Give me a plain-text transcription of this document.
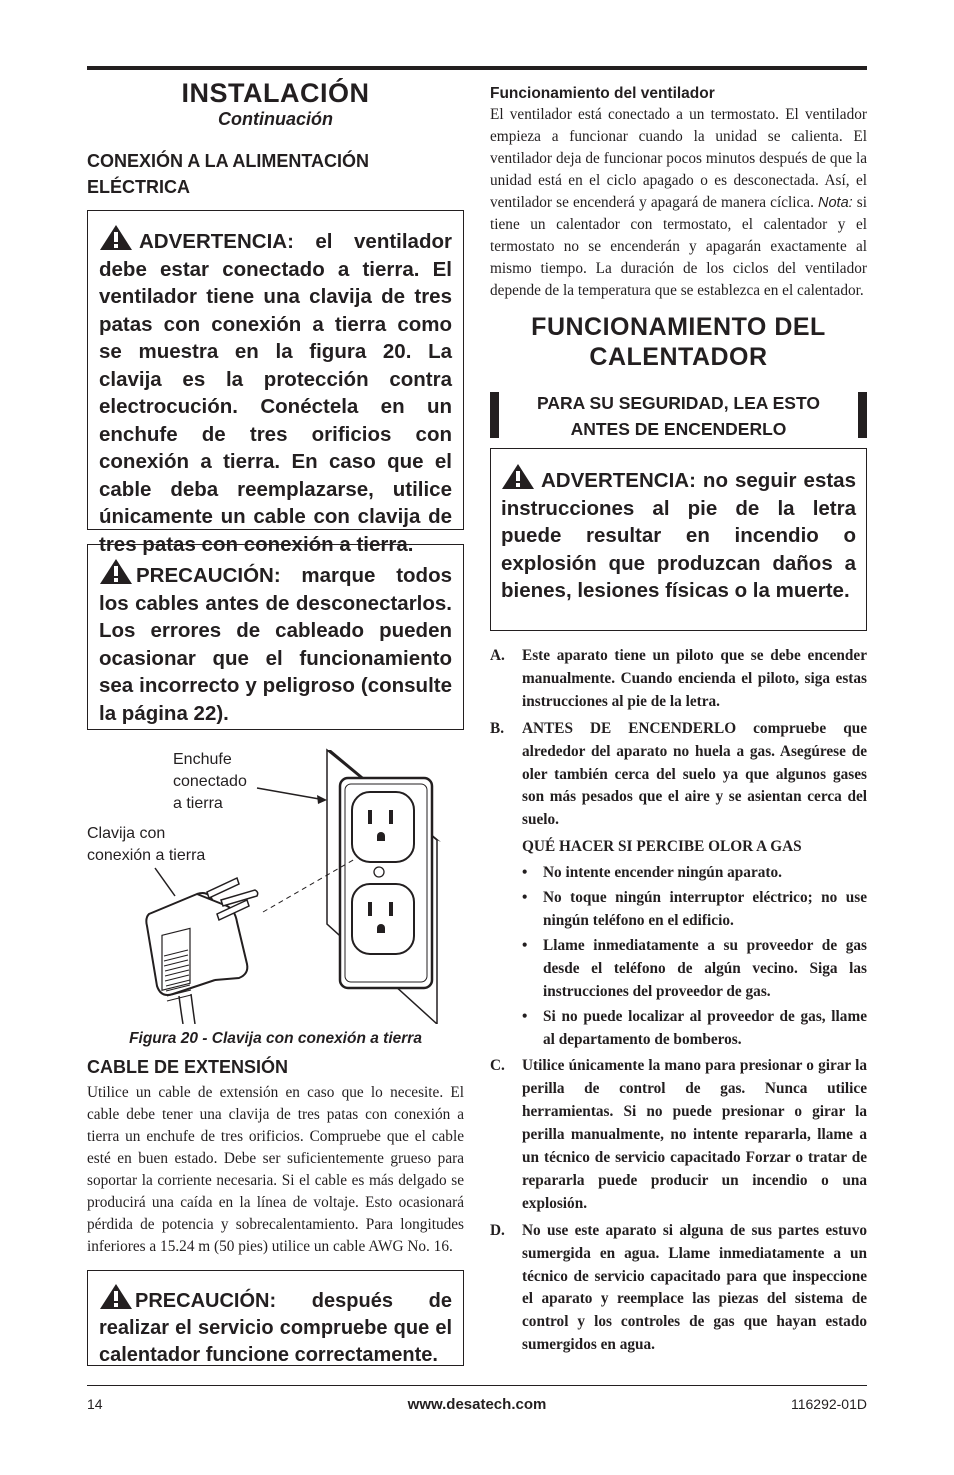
INSTALACIÓN

Continuación

CONEXIÓN A LA ALIMENTACIÓN

ELÉCTRICA

ADVERTENCIA: el ventilador debe estar conectado a tierra. El ventilador tiene una clavija de tres patas con conexión a tierra como se muestra en la figura 20. La clavija es la protección contra electrocución. Conéctela en un enchufe de tres orificios con conexión a tierra. En caso que el cable deba reemplazarse, utilice únicamente un cable con clavija de tres patas con conexión a tierra.
PRECAUCIÓN: marque todos los cables antes de desconectarlos. Los errores de cableado pueden ocasionar que el funcionamiento sea incorrecto y peligroso (consulte la página 22).
Enchufe
conectado
a tierra
Clavija con
conexión a tierra

Figura 20 - Clavija con conexión a tierra

CABLE DE EXTENSIÓN

Utilice un cable de extensión en caso que lo necesite. El cable debe tener una clavija de tres patas con conexión a tierra un enchufe de tres orificios. Compruebe que el cable esté en buen estado. Debe ser suficientemente grueso para soportar la corriente necesaria. Si el cable es más delgado se producirá una caída en la línea de voltaje. Esto ocasionará pérdida de potencia y sobrecalentamiento. Para longitudes inferiores a 15.24 m (50 pies) utilice un cable AWG No. 16.

PRECAUCIÓN: después de realizar el servicio compruebe que el calentador funcione correctamente.

Funcionamiento del ventilador

El ventilador está conectado a un termostato. El ventilador empieza a funcionar cuando la unidad se calienta. El ventilador deja de funcionar pocos minutos después de que la unidad está en el ciclo apagado o es desconectada. Así, el ventilador se encenderá y apagará de manera cíclica. Nota: si tiene un calentador con termostato, el calentador y el termostato no se encenderán y apagarán exactamente al mismo tiempo. La duración de los ciclos del ventilador depende de la temperatura que se establezca en el calentador.

FUNCIONAMIENTO DEL

CALENTADOR

PARA SU SEGURIDAD, LEA ESTO
ANTES DE ENCENDERLO
ADVERTENCIA: no seguir estas instrucciones al pie de la letra puede resultar en incendio o explosión que produzcan daños a bienes, lesiones físicas o la muerte.
A.	Este aparato tiene un piloto que se debe encender manualmente. Cuando encienda el piloto, siga estas instrucciones al pie de la letra.
B.	ANTES DE ENCENDERLO compruebe que alrededor del aparato no huela a gas. Asegúrese de oler también cerca del suelo ya que algunos gases son más pesados que el aire y se asientan cerca del suelo.
QUÉ HACER SI PERCIBE OLOR A GAS
•	No intente encender ningún aparato.
•	No toque ningún interruptor eléctrico; no use ningún teléfono en el edificio.
•	Llame inmediatamente a su proveedor de gas desde el teléfono de algún vecino. Siga las instrucciones del proveedor de gas.
•	Si no puede localizar al proveedor de gas, llame al departamento de bomberos.
C.	Utilice únicamente la mano para presionar o girar la perilla de control de gas. Nunca utilice herramientas. Si no puede presionar o girar la perilla manualmente, no intente repararla, llame a un técnico de servicio capacitado Forzar o tratar de repararla puede producir un incendio o una explosión.
D.	No use este aparato si alguna de sus partes estuvo sumergida en agua. Llame inmediatamente a un técnico de servicio capacitado para que inspeccione el aparato y reemplace las piezas del sistema de control y los controles de gas que hayan estado sumergidos en agua.
14	www.desatech.com	116292-01D
